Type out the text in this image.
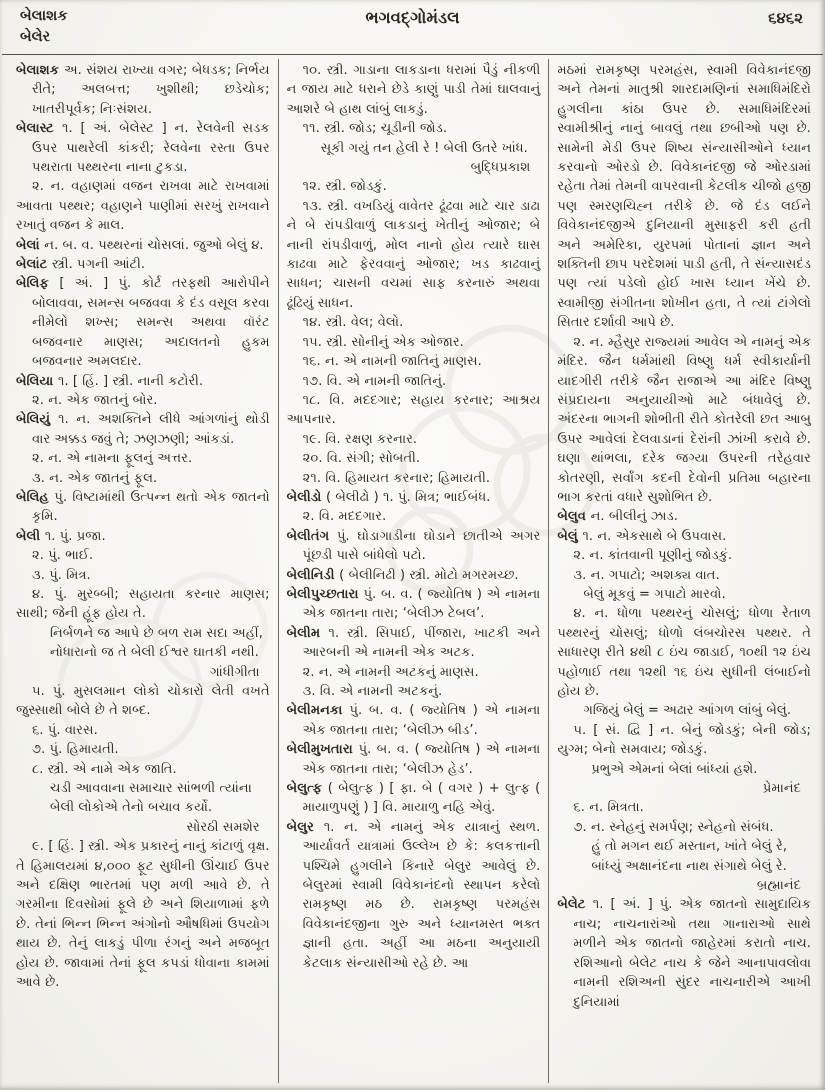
બેલાશક
બેલેર
ભગવદ્ગોમંડલ	૬૪૬૨

બેલાશક અ. સંશય રાખ્યા વગર; બેધડક; નિર્ભય રીતે; અલબત્ત; ખુશીથી; છડેચોક; ખાતરીપૂર્વક; નિઃસંશય.

બેલાસ્ટ ૧. [ અં. બેલેસ્ટ ] ન. રેલવેની સડક ઉપર પાથરેલી કાંકરી; રેલવેના રસ્તા ઉપર પથરાતા પથ્થરના નાના ટુકડા.

૨. ન. વહાણમાં વજન રાખવા માટે રાખવામાં આવતા પથ્થર; વહાણને પાણીમાં સરખું રાખવાને રખાતું વજન કે માલ.

બેલાં ન. બ. વ. પથ્થરનાં ચોસલાં. જુઓ બેલું ૪.

બેલાંટ સ્ત્રી. પગની આંટી.

બેલિફ [ અં. ] પું. કોર્ટ તરફથી આરોપીને બોલાવવા, સમન્સ બજવવા કે દંડ વસૂલ કરવા નીમેલો શખ્સ; સમન્સ અથવા વૉરંટ બજવનાર માણસ; અદાલતનો હુકમ બજવનાર અમલદાર.

બેલિયા ૧. [ હિં. ] સ્ત્રી. નાની કટોરી.

૨. ન. એક જાતનું બોર.

બેલિયું ૧. ન. અશક્તિને લીધે આંગળાંનું થોડી વાર અક્કડ જવું તે; ઝણઝણી; આંકડાં.

૨. ન. એ નામના ફૂલનું અત્તર.

૩. ન. એક જાતનું ફૂલ.

બેલિહ પું. વિષ્ટામાંથી ઉત્પન્ન થતો એક જાતનો કૃમિ.

બેલી ૧. પું. પ્રજા.

૨. પું. ભાઈ.

૩. પું. મિત્ર.

૪. પું. મુરબ્બી; સહાયતા કરનાર માણસ; સાથી; જેની હૂંફ હોય તે.

નિર્બળને જ આપે છે બળ રામ સદા અહીં,
નોધારાનો જ તે બેલી ઈશ્વર ઘાતકી નથી.

ગાંધીગીતા

૫. પું. મુસલમાન લોકો ચોકારો લેતી વખતે જુસ્સાથી બોલે છે તે શબ્દ.

૬. પું. વારસ.

૭. પું. હિમાયતી.

૮. સ્ત્રી. એ નામે એક જાતિ.

ચડી આવવાના સમાચાર સાંભળી ત્યાંના બેલી લોકોએ તેનો બચાવ કર્યો.

સોરઠી સમશેર

૯. [ હિં. ] સ્ત્રી. એક પ્રકારનું નાનું કાંટાળું વૃક્ષ. તે હિમાલયમાં ૪,૦૦૦ ફૂટ સુધીની ઊંચાઈ ઉપર અને દક્ષિણ ભારતમાં પણ મળી આવે છે. તે ગરમીના દિવસોમાં ફૂલે છે અને શિયાળામાં ફળે છે. તેનાં ભિન્ન ભિન્ન અંગોનો ઔષધિમાં ઉપયોગ થાય છે. તેનું લાકડું પીળા રંગનું અને મજબૂત હોય છે. જાવામાં તેનાં ફૂલ કપડાં ધોવાના કામમાં આવે છે.

૧૦. સ્ત્રી. ગાડાના લાકડાના ધરામાં પૈડું નીકળી ન જાય માટે ધરાને છેડે કાણું પાડી તેમાં ઘાલવાનું આશરે બે હાથ લાંબું લાકડું.

૧૧. સ્ત્રી. જોડ; ચૂડીની જોડ.

સૂકી ગયું તન હેલી રે ! બેલી ઉતરે ખાંધ.

બુદ્ધિપ્રકાશ

૧૨. સ્ત્રી. જોડકું.

૧૩. સ્ત્રી. વખડિયું વાવેતર ઢૂંઢવા માટે ચાર ડાઢા ને બે રાંપડીવાળું લાકડાનું ખેતીનું ઓજાર; બે નાની રાંપડીવાળું, મોલ નાનો હોય ત્યારે ઘાસ કાઢવા માટે ફેરવવાનું ઓજાર; ખડ કાઢવાનું સાધન; ચાસની વચમાં સાફ કરનારું અથવા ઢૂંઢિયું સાધન.

૧૪. સ્ત્રી. વેલ; વેલો.

૧૫. સ્ત્રી. સોનીનું એક ઓજાર.

૧૬. ન. એ નામની જાતિનું માણસ.

૧૭. વિ. એ નામની જાતિનું.

૧૮. વિ. મદદગાર; સહાય કરનાર; આશ્રય આપનાર.

૧૯. વિ. રક્ષણ કરનાર.

૨૦. વિ. સંગી; સોબતી.

૨૧. વિ. હિમાયત કરનાર; હિમાયતી.

બેલીડો ( બેલીઢો ) ૧. પું. મિત્ર; ભાઈબંધ.

૨. વિ. મદદગાર.

બેલીતંગ પું. ઘોડાગાડીના ઘોડાને છાતીએ અગર પૂંછડી પાસે બાંધેલો પટો.

બેલીનિડી ( બેલીનિઢી ) સ્ત્રી. મોટો મગરમચ્છ.

બેલીપુચ્છતારા પું. બ. વ. ( જ્યોતિષ ) એ નામના એક જાતના તારા; ‘બેલીઝ ટેબલ’.

બેલીમ ૧. સ્ત્રી. સિપાઈ, પીંજારા, ખાટકી અને આરબની એ નામની એક અટક.

૨. ન. એ નામની અટકનું માણસ.

૩. વિ. એ નામની અટકનું.

બેલીમનકા પું. બ. વ. ( જ્યોતિષ ) એ નામના એક જાતના તારા; ‘બેલીઝ બીડ’.

બેલીમુખતારા પું. બ. વ. ( જ્યોતિષ ) એ નામના એક જાતના તારા; ‘બેલીઝ હેડ’.

બેલુત્ફ ( બેલુત્ફ ) [ ફા. બે ( વગર ) + લુત્ફ ( માયાળુપણું ) ] વિ. માયાળુ નહિ એવું.

બેલુર ૧. ન. એ નામનું એક યાત્રાનું સ્થળ. આર્યાવર્ત યાત્રામાં ઉલ્લેખ છે કે: કલકત્તાની પશ્ચિમે હુગલીને કિનારે બેલુર આવેલું છે. બેલુરમાં સ્વામી વિવેકાનંદનો સ્થાપન કરેલો રામકૃષ્ણ મઠ છે. રામકૃષ્ણ પરમહંસ વિવેકાનંદજીના ગુરુ અને ધ્યાનમસ્ત ભક્ત જ્ઞાની હતા. અહીં આ મઠના અનુયાયી કેટલાક સંન્યાસીઓ રહે છે. આ

મઠમાં રામકૃષ્ણ પરમહંસ, સ્વામી વિવેકાનંદજી અને તેમનાં માતુશ્રી શારદામણિનાં સમાધિમંદિરો હુગલીના કાંઠા ઉપર છે. સમાધિમંદિરમાં સ્વામીશ્રીનું નાનું બાવલું તથા છબીઓ પણ છે. સામેની મેડી ઉપર શિષ્ય સંન્યાસીઓને ધ્યાન કરવાનો ઓરડો છે. વિવેકાનંદજી જે ઓરડામાં રહેતા તેમાં તેમની વાપરવાની કેટલીક ચીજો હજી પણ સ્મરણચિહ્ન તરીકે છે. જે દંડ લઈને વિવેકાનંદજીએ દુનિયાની મુસાફરી કરી હતી અને અમેરિકા, યુરપમાં પોતાનાં જ્ઞાન અને શક્તિની છાપ પરદેશમાં પાડી હતી, તે સંન્યાસદંડ પણ ત્યાં પડેલો હોઈ ખાસ ધ્યાન ખેંચે છે. સ્વામીજી સંગીતના શોખીન હતા, તે ત્યાં ટાંગેલો સિતાર દર્શાવી આપે છે.

૨. ન. મ્હૈસુર રાજ્યમાં આવેલ એ નામનું એક મંદિર. જૈન ધર્મમાંથી વિષ્ણુ ધર્મ સ્વીકાર્યાની યાદગીરી તરીકે જૈન રાજાએ આ મંદિર વિષ્ણુ સંપ્રદાયના અનુયાયીઓ માટે બંધાવેલું છે. અંદરના ભાગની શોભીતી રીતે કોતરેલી છત આબુ ઉપર આવેલાં દેલવાડાનાં દેરાંની ઝાંખી કરાવે છે. ઘણા થાંભલા, દરેક જગ્યા ઉપરની તરેહવાર કોતરણી, સર્વાંગ કદની દેવોની પ્રતિમા બહારના ભાગ કરતાં વધારે સુશોભિત છે.

બેલુવ ન. બીલીનું ઝાડ.

બેલું ૧. ન. એકસાથે બે ઉપવાસ.

૨. ન. કાંતવાની પૂણીનું જોડકું.

૩. ન. ગપાટો; અશક્ય વાત.

બેલું મૂકવું = ગપાટો મારવો.

૪. ન. ધોળા પથ્થરનું ચોસલું; ધોળા રેતાળ પથ્થરનું ચોસલું; ધોળો લંબચોરસ પથ્થર. તે સાધારણ રીતે ૪થી ૮ ઇંચ જાડાઈ, ૧૦થી ૧૨ ઇંચ પહોળાઈ તથા ૧૨થી ૧૬ ઇંચ સુધીની લંબાઈનો હોય છે.

ગજિયું બેલું = અઢાર આંગળ લાંબું બેલું.

૫. [ સં. દ્વિ ] ન. બેનું જોડકું; બેની જોડ; યુગ્મ; બેનો સમવાય; જોડકું.

પ્રભુએ એમનાં બેલાં બાંધ્યાં હશે.

પ્રેમાનંદ

૬. ન. મિત્રતા.

૭. ન. સ્નેહનું સમર્પણ; સ્નેહનો સંબંધ.

હું તો મગન થઈ મસ્તાન, ખાંતે બેલું રે,
બાંધ્યું અક્ષાનંદના નાથ સંગાથે બેલું રે.

બ્રહ્માનંદ

બેલેટ ૧. [ અં. ] પું. એક જાતનો સામુદાયિક નાચ; નાચનારાંઓ તથા ગાનારાઓ સાથે મળીને એક જાતનો જાહેરમાં કરાતો નાચ. રશિઆનો બેલેટ નાચ કે જેને આનાપાવલોવા નામની રશિઅની સુંદર નાચનારીએ આખી દુનિયામાં
